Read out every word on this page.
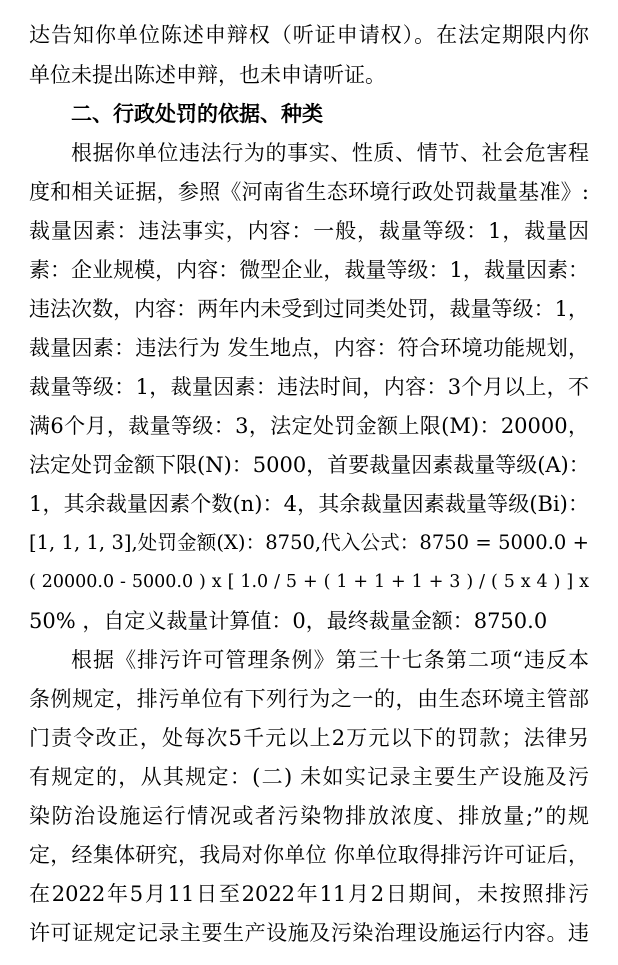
达告知你单位陈述申辩权（听证申请权）。在法定期限内你
单位未提出陈述申辩，也未申请听证。
二、行政处罚的依据、种类
根据你单位违法行为的事实、性质、情节、社会危害程
度和相关证据，参照《河南省生态环境行政处罚裁量基准》:
裁量因素：违法事实，内容：一般，裁量等级：1，裁量因
素：企业规模，内容：微型企业，裁量等级：1，裁量因素：
违法次数，内容：两年内未受到过同类处罚，裁量等级：1，
裁量因素：违法行为 发生地点，内容：符合环境功能规划，
裁量等级：1，裁量因素：违法时间，内容：3个月以上，不
满6个月，裁量等级：3，法定处罚金额上限(M)：20000，
法定处罚金额下限(N)：5000，首要裁量因素裁量等级(A)：
1，其余裁量因素个数(n)：4，其余裁量因素裁量等级(Bi)：
[1, 1, 1, 3],处罚金额(X)：8750,代入公式：8750 = 5000.0 +
( 20000.0 - 5000.0 ) x [ 1.0 / 5 + ( 1 + 1 + 1 + 3 ) / ( 5 x 4 ) ] x
50% ，自定义裁量计算值：0，最终裁量金额：8750.0
根据《排污许可管理条例》第三十七条第二项“违反本
条例规定，排污单位有下列行为之一的，由生态环境主管部
门责令改正，处每次5千元以上2万元以下的罚款；法律另
有规定的，从其规定：(二) 未如实记录主要生产设施及污
染防治设施运行情况或者污染物排放浓度、排放量;”的规
定，经集体研究，我局对你单位 你单位取得排污许可证后，
在2022年5月11日至2022年11月2日期间，未按照排污
许可证规定记录主要生产设施及污染治理设施运行内容。违
